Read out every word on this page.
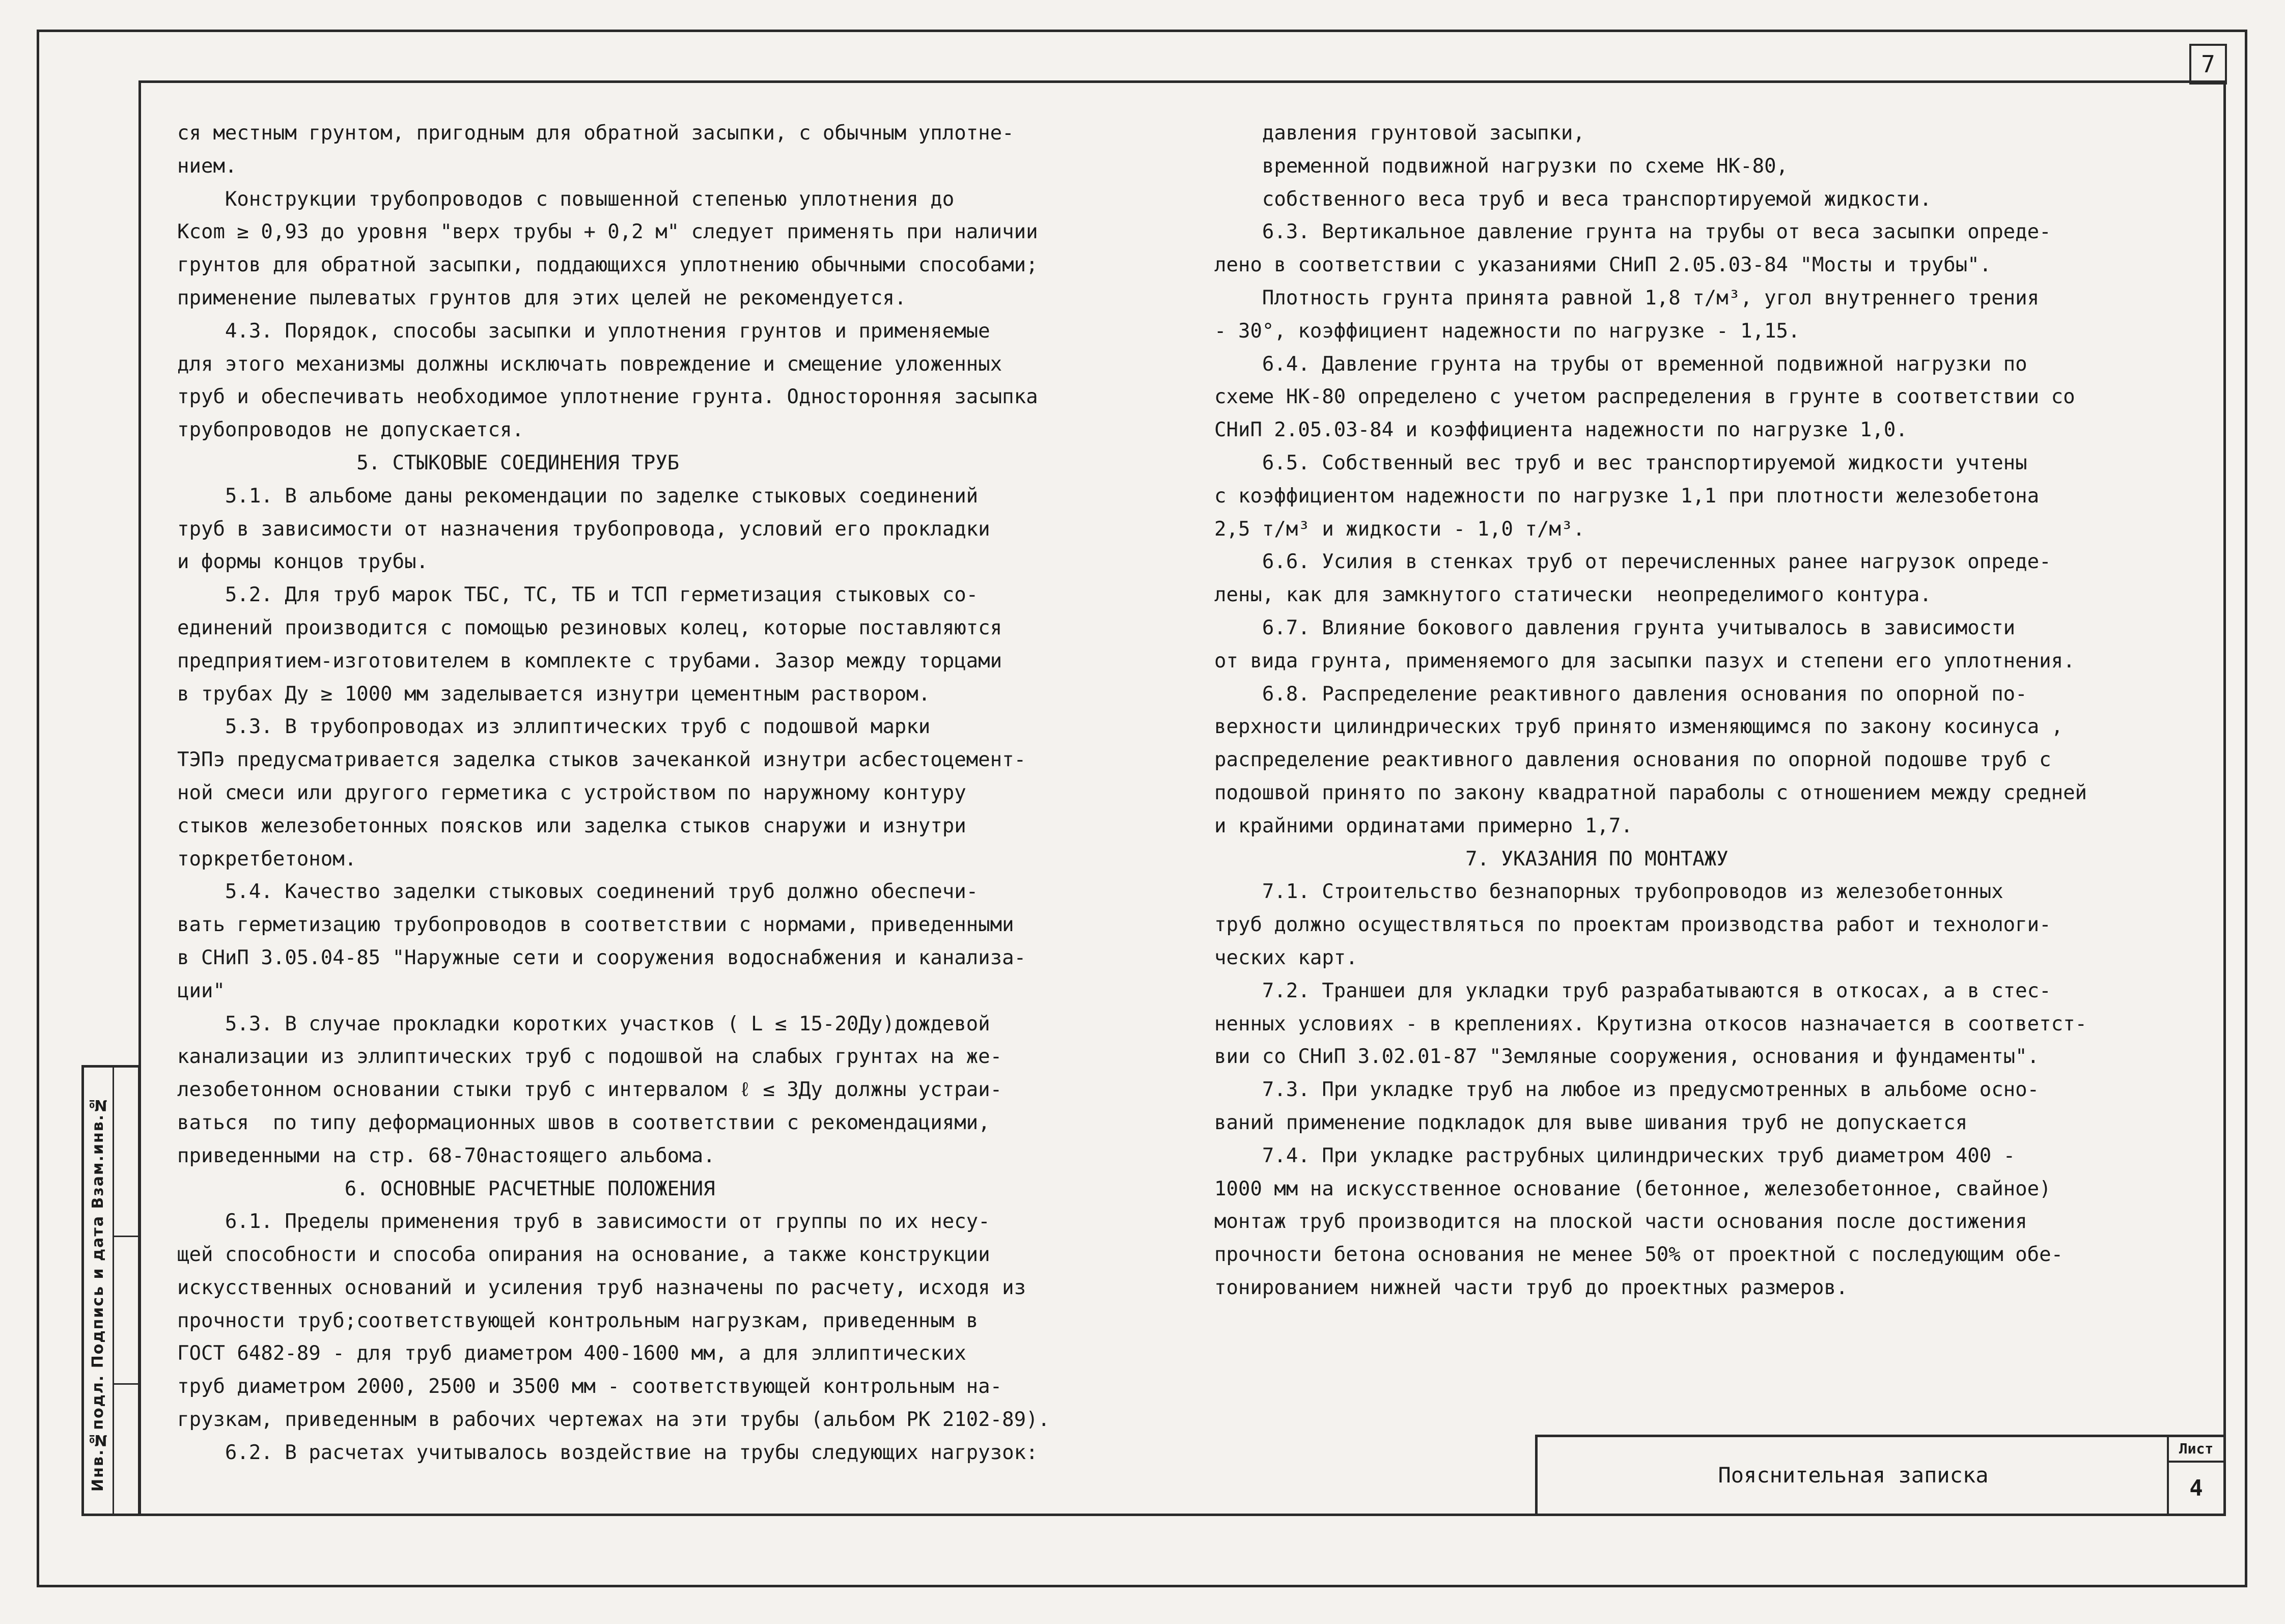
7
Инв.№подл. Подпись и дата Взам.инв.№
ся местным грунтом, пригодным для обратной засыпки, с обычным уплотне-
нием.
Конструкции трубопроводов с повышенной степенью уплотнения до
Kcom ≥ 0,93 до уровня "верх трубы + 0,2 м" следует применять при наличии
грунтов для обратной засыпки, поддающихся уплотнению обычными способами;
применение пылеватых грунтов для этих целей не рекомендуется.
4.3. Порядок, способы засыпки и уплотнения грунтов и применяемые
для этого механизмы должны исключать повреждение и смещение уложенных
труб и обеспечивать необходимое уплотнение грунта. Односторонняя засыпка
трубопроводов не допускается.
5. СТЫКОВЫЕ СОЕДИНЕНИЯ ТРУБ
5.1. В альбоме даны рекомендации по заделке стыковых соединений
труб в зависимости от назначения трубопровода, условий его прокладки
и формы концов трубы.
5.2. Для труб марок ТБС, ТС, ТБ и ТСП герметизация стыковых со-
единений производится с помощью резиновых колец, которые поставляются
предприятием-изготовителем в комплекте с трубами. Зазор между торцами
в трубах Ду ≥ 1000 мм заделывается изнутри цементным раствором.
5.3. В трубопроводах из эллиптических труб с подошвой марки
ТЭПэ предусматривается заделка стыков зачеканкой изнутри асбестоцемент-
ной смеси или другого герметика с устройством по наружному контуру
стыков железобетонных поясков или заделка стыков снаружи и изнутри
торкретбетоном.
5.4. Качество заделки стыковых соединений труб должно обеспечи-
вать герметизацию трубопроводов в соответствии с нормами, приведенными
в СНиП 3.05.04-85 "Наружные сети и сооружения водоснабжения и канализа-
ции"
5.3. В случае прокладки коротких участков ( L ≤ 15-20Ду)дождевой
канализации из эллиптических труб с подошвой на слабых грунтах на же-
лезобетонном основании стыки труб с интервалом ℓ ≤ 3Ду должны устраи-
ваться  по типу деформационных швов в соответствии с рекомендациями,
приведенными на стр. 68-70настоящего альбома.
6. ОСНОВНЫЕ РАСЧЕТНЫЕ ПОЛОЖЕНИЯ
6.1. Пределы применения труб в зависимости от группы по их несу-
щей способности и способа опирания на основание, а также конструкции
искусственных оснований и усиления труб назначены по расчету, исходя из
прочности труб;соответствующей контрольным нагрузкам, приведенным в
ГОСТ 6482-89 - для труб диаметром 400-1600 мм, а для эллиптических
труб диаметром 2000, 2500 и 3500 мм - соответствующей контрольным на-
грузкам, приведенным в рабочих чертежах на эти трубы (альбом РК 2102-89).
6.2. В расчетах учитывалось воздействие на трубы следующих нагрузок:
давления грунтовой засыпки,
временной подвижной нагрузки по схеме НК-80,
собственного веса труб и веса транспортируемой жидкости.
6.3. Вертикальное давление грунта на трубы от веса засыпки опреде-
лено в соответствии с указаниями СНиП 2.05.03-84 "Мосты и трубы".
Плотность грунта принята равной 1,8 т/м³, угол внутреннего трения
- 30°, коэффициент надежности по нагрузке - 1,15.
6.4. Давление грунта на трубы от временной подвижной нагрузки по
схеме НК-80 определено с учетом распределения в грунте в соответствии со
СНиП 2.05.03-84 и коэффициента надежности по нагрузке 1,0.
6.5. Собственный вес труб и вес транспортируемой жидкости учтены
с коэффициентом надежности по нагрузке 1,1 при плотности железобетона
2,5 т/м³ и жидкости - 1,0 т/м³.
6.6. Усилия в стенках труб от перечисленных ранее нагрузок опреде-
лены, как для замкнутого статически  неопределимого контура.
6.7. Влияние бокового давления грунта учитывалось в зависимости
от вида грунта, применяемого для засыпки пазух и степени его уплотнения.
6.8. Распределение реактивного давления основания по опорной по-
верхности цилиндрических труб принято изменяющимся по закону косинуса ,
распределение реактивного давления основания по опорной подошве труб с
подошвой принято по закону квадратной параболы с отношением между средней
и крайними ординатами примерно 1,7.
7. УКАЗАНИЯ ПО МОНТАЖУ
7.1. Строительство безнапорных трубопроводов из железобетонных
труб должно осуществляться по проектам производства работ и технологи-
ческих карт.
7.2. Траншеи для укладки труб разрабатываются в откосах, а в стес-
ненных условиях - в креплениях. Крутизна откосов назначается в соответст-
вии со СНиП 3.02.01-87 "Земляные сооружения, основания и фундаменты".
7.3. При укладке труб на любое из предусмотренных в альбоме осно-
ваний применение подкладок для выве шивания труб не допускается
7.4. При укладке раструбных цилиндрических труб диаметром 400 -
1000 мм на искусственное основание (бетонное, железобетонное, свайное)
монтаж труб производится на плоской части основания после достижения
прочности бетона основания не менее 50% от проектной с последующим обе-
тонированием нижней части труб до проектных размеров.
Пояснительная записка
Лист
4
